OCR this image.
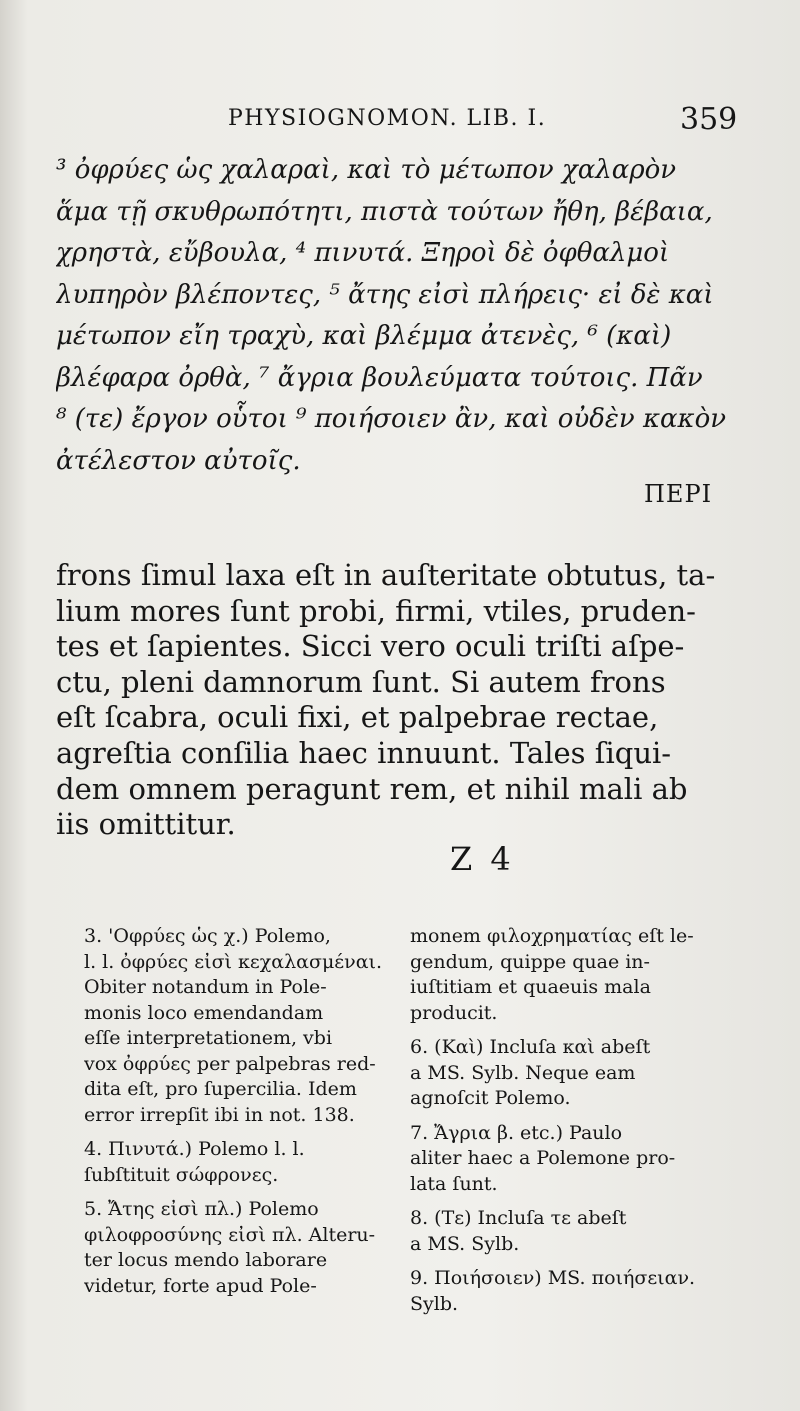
PHYSIOGNOMON. LIB. I.	359
³ ὀφρύες ὡς χαλαραὶ, καὶ τὸ μέτωπον χαλαρὸν
ἅμα τῇ σκυθρωπότητι, πιστὰ τούτων ἤθη, βέβαια,
χρηστὰ, εὔβουλα, ⁴ πινυτά. Ξηροὶ δὲ ὀφθαλμοὶ
λυπηρὸν βλέποντες, ⁵ ἄτης εἰσὶ πλήρεις· εἰ δὲ καὶ
μέτωπον εἴη τραχὺ, καὶ βλέμμα ἀτενὲς, ⁶ (καὶ)
βλέφαρα ὀρθὰ, ⁷ ἄγρια βουλεύματα τούτοις. Πᾶν
⁸ (τε) ἔργον οὗτοι ⁹ ποιήσοιεν ἂν, καὶ οὐδὲν κακὸν
ἀτέλεστον αὐτοῖς.
ΠΕΡΙ
frons ſimul laxa eſt in auſteritate obtutus, ta-
lium mores ſunt probi, firmi, vtiles, pruden-
tes et ſapientes. Sicci vero oculi triſti aſpe-
ctu, pleni damnorum ſunt. Si autem frons
eſt ſcabra, oculi fixi, et palpebrae rectae,
agreſtia conſilia haec innuunt. Tales ſiqui-
dem omnem peragunt rem, et nihil mali ab
iis omittitur.
Z 4
3. 'Οφρύες ὡς χ.) Polemo,
l. l. ὀφρύες εἰσὶ κεχαλασμέναι.
Obiter notandum in Pole-
monis loco emendandam
eſſe interpretationem, vbi
vox ὀφρύες per palpebras red-
dita eſt, pro ſupercilia. Idem
error irrepſit ibi in not. 138.
4. Πινυτά.) Polemo l. l.
ſubſtituit σώφρονες.
5. Ἄτης εἰσὶ πλ.) Polemo
φιλοφροσύνης εἰσὶ πλ. Alteru-
ter locus mendo laborare
videtur, forte apud Pole-
monem φιλοχρηματίας eſt le-
gendum, quippe quae in-
iuſtitiam et quaeuis mala
producit.
6. (Καὶ) Incluſa καὶ abeſt
a MS. Sylb. Neque eam
agnoſcit Polemo.
7. Ἄγρια β. etc.) Paulo
aliter haec a Polemone pro-
lata ſunt.
8. (Τε) Incluſa τε abeſt
a MS. Sylb.
9. Ποιήσοιεν) MS. ποιήσειαν.
Sylb.
